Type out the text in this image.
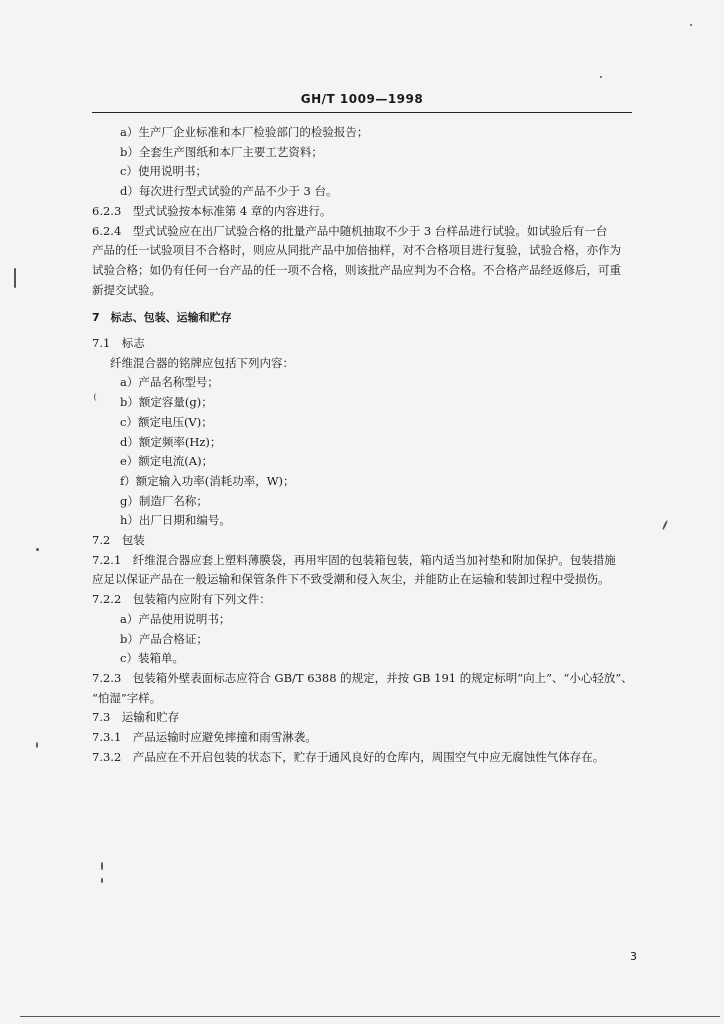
GH/T 1009—1998
a）生产厂企业标准和本厂检验部门的检验报告；
b）全套生产图纸和本厂主要工艺资料；
c）使用说明书；
d）每次进行型式试验的产品不少于 3 台。
6.2.3　型式试验按本标准第 4 章的内容进行。
6.2.4　型式试验应在出厂试验合格的批量产品中随机抽取不少于 3 台样品进行试验。如试验后有一台
产品的任一试验项目不合格时，则应从同批产品中加倍抽样，对不合格项目进行复验，试验合格，亦作为
试验合格；如仍有任何一台产品的任一项不合格，则该批产品应判为不合格。不合格产品经返修后，可重
新提交试验。
7　标志、包装、运输和贮存
7.1　标志
纤维混合器的铭牌应包括下列内容：
a）产品名称型号；
b）额定容量(g)；
c）额定电压(V)；
d）额定频率(Hz)；
e）额定电流(A)；
f）额定输入功率(消耗功率，W)；
g）制造厂名称；
h）出厂日期和编号。
7.2　包装
7.2.1　纤维混合器应套上塑料薄膜袋，再用牢固的包装箱包装，箱内适当加衬垫和附加保护。包装措施
应足以保证产品在一般运输和保管条件下不致受潮和侵入灰尘，并能防止在运输和装卸过程中受损伤。
7.2.2　包装箱内应附有下列文件：
a）产品使用说明书；
b）产品合格证；
c）装箱单。
7.2.3　包装箱外壁表面标志应符合 GB/T 6388 的规定，并按 GB 191 的规定标明“向上”、“小心轻放”、
“怕湿”字样。
7.3　运输和贮存
7.3.1　产品运输时应避免摔撞和雨雪淋袭。
7.3.2　产品应在不开启包装的状态下，贮存于通风良好的仓库内，周围空气中应无腐蚀性气体存在。
3
